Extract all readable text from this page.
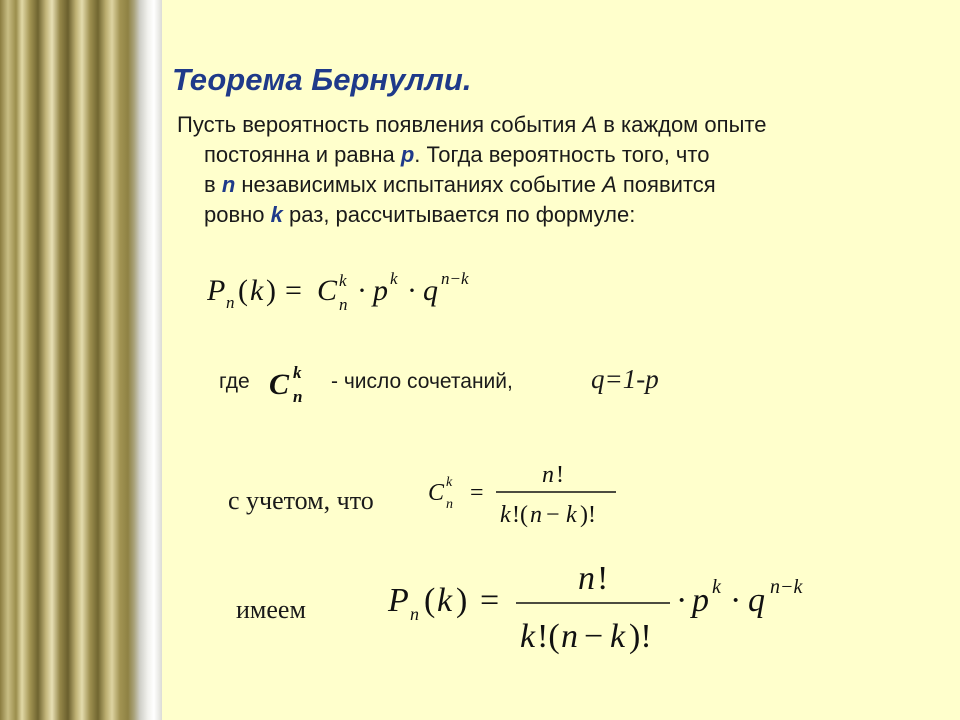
Теорема Бернулли.
Пусть вероятность появления события А в каждом опыте
постоянна и равна р. Тогда вероятность того, что
в n независимых испытаниях событие А появится
ровно k раз, рассчитывается по формуле:
P n ( k ) = C k
n · p k · q n−k
где C k
n
- число сочетаний,	q=1-p
с учетом, что C k
n =
n !
k !( n − k )!
имеем P n ( k ) =
n !
k !( n − k )!
· p k · q n−k
